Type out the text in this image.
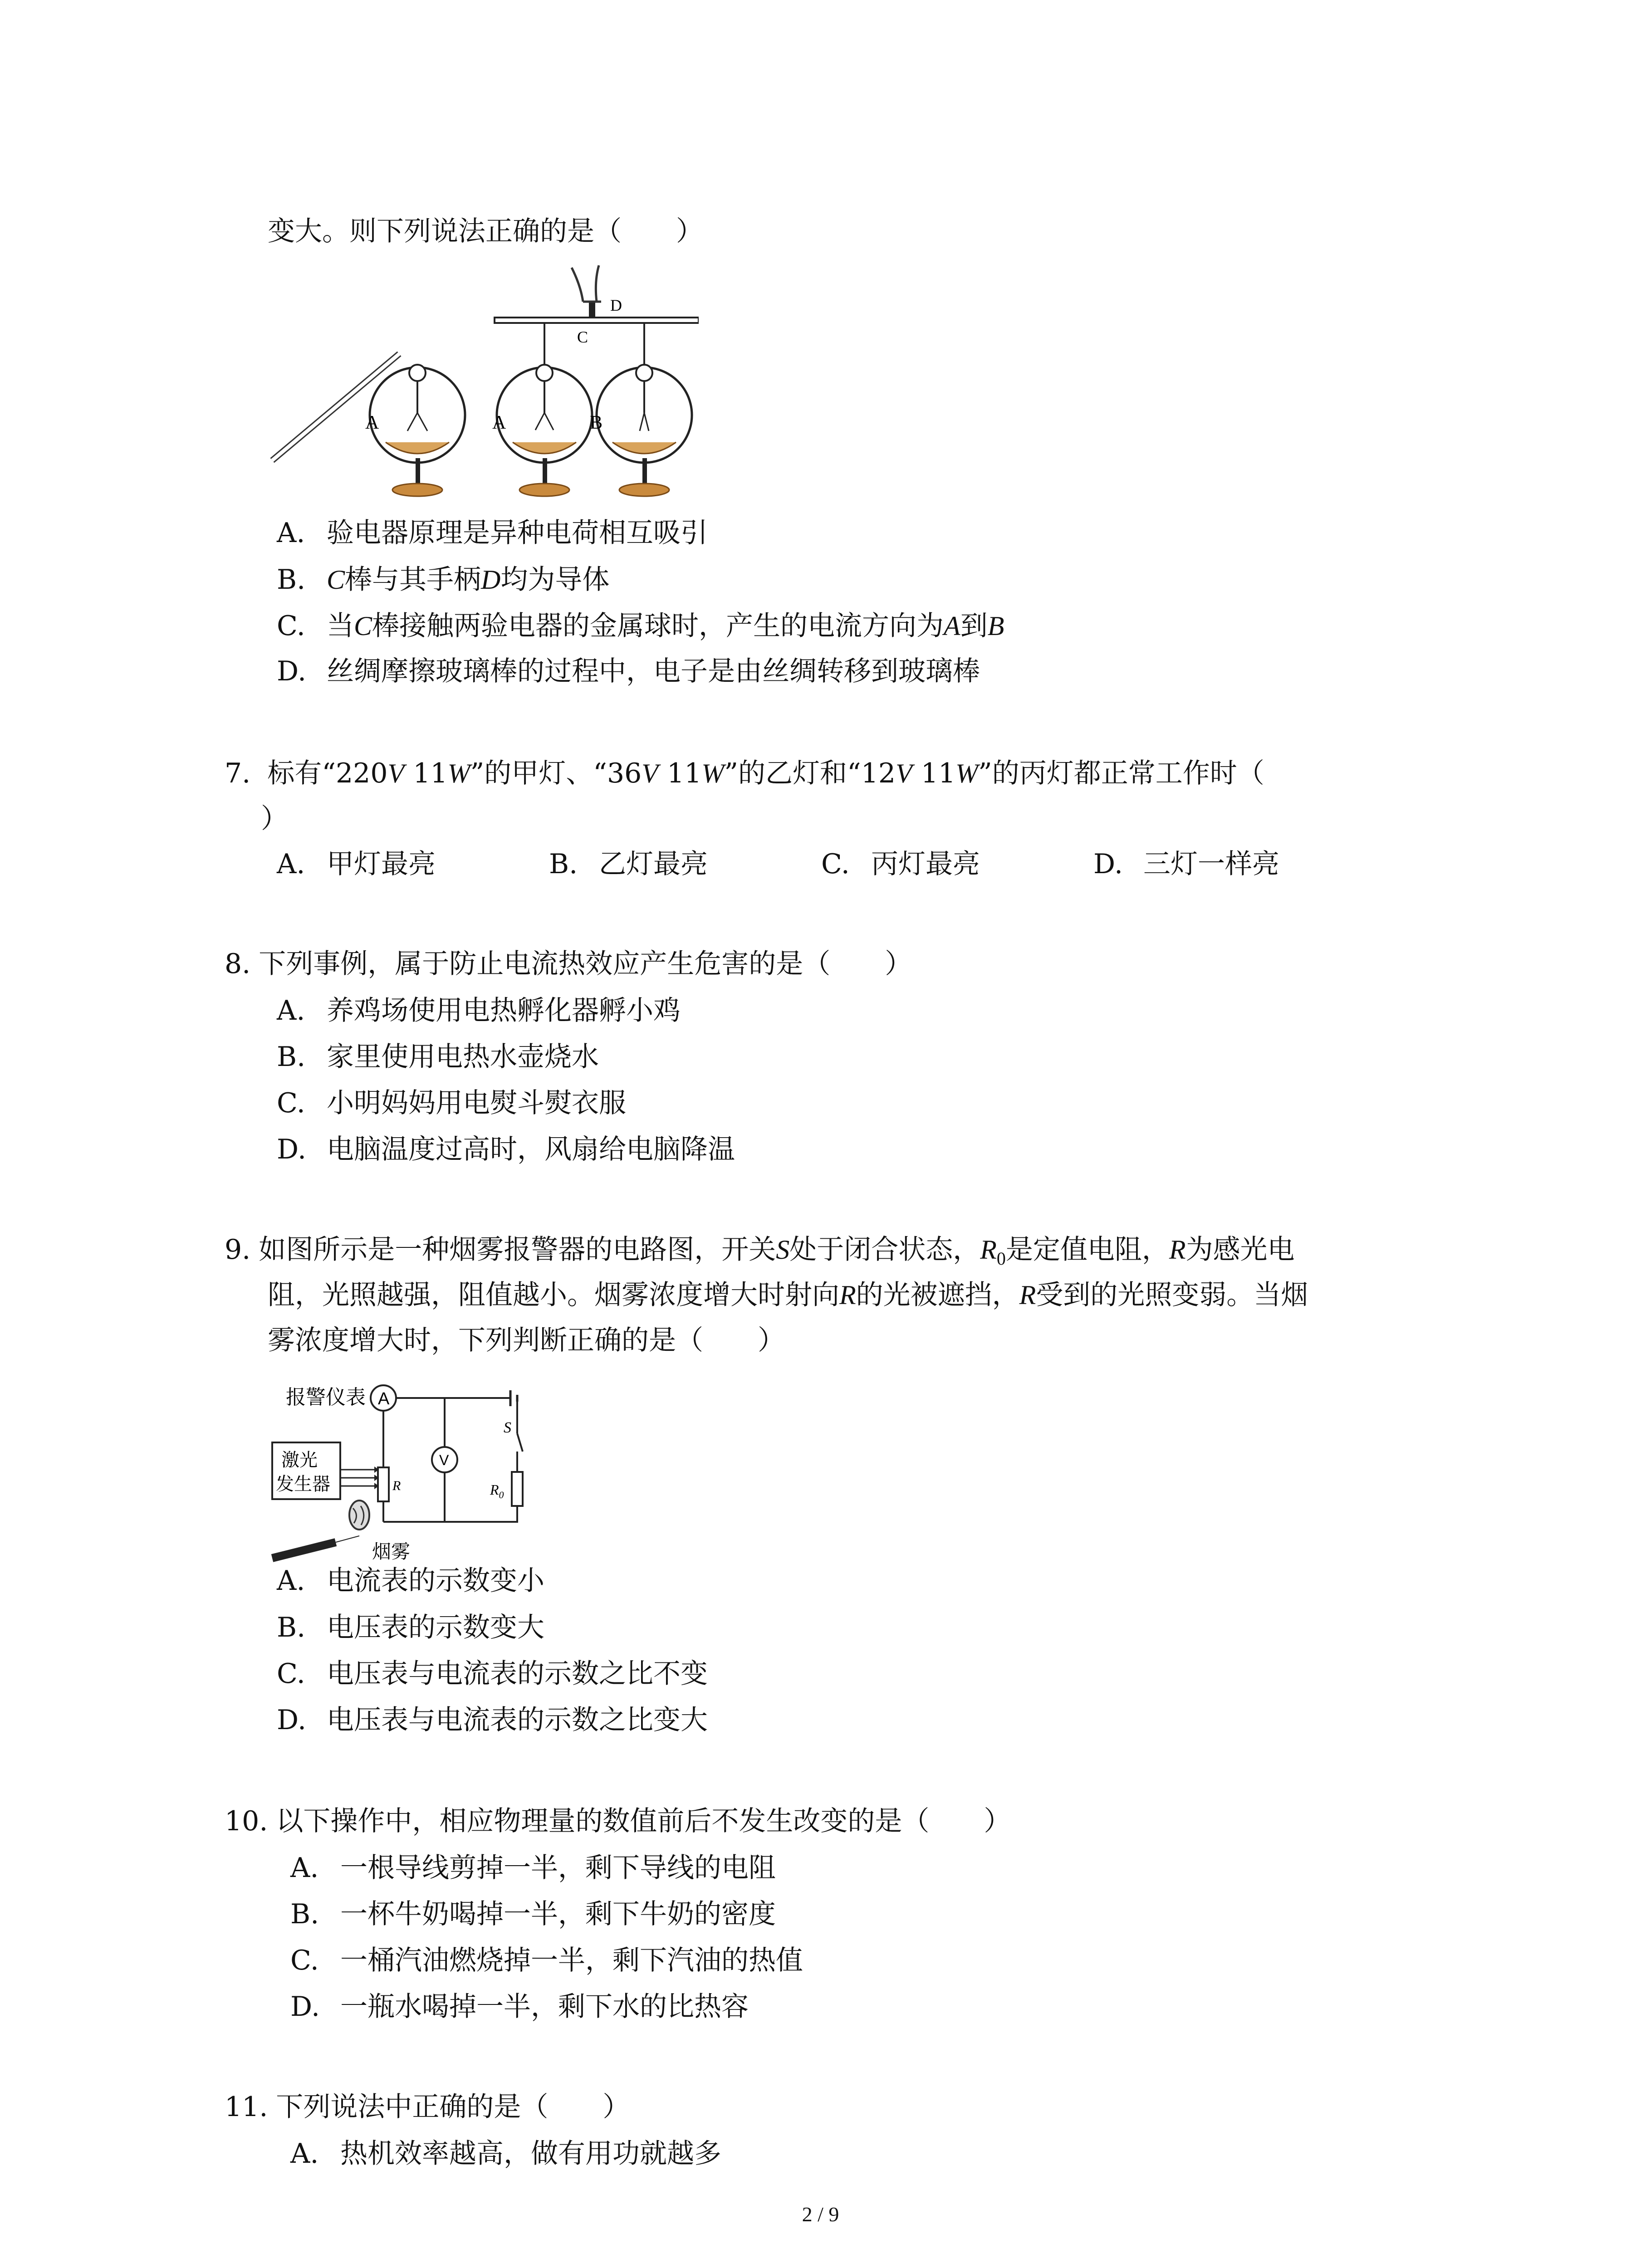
变大。则下列说法正确的是（　　）
A
D
C
A	B
A. 验电器原理是异种电荷相互吸引
B. C棒与其手柄D均为导体
C. 当C棒接触两验电器的金属球时，产生的电流方向为A到B
D. 丝绸摩擦玻璃棒的过程中，电子是由丝绸转移到玻璃棒
7. 标有“220V 11W”的甲灯、“36V 11W”的乙灯和“12V 11W”的丙灯都正常工作时（
）
A. 甲灯最亮	B. 乙灯最亮	C. 丙灯最亮	D. 三灯一样亮
8. 下列事例，属于防止电流热效应产生危害的是（　　）
A. 养鸡场使用电热孵化器孵小鸡
B. 家里使用电热水壶烧水
C. 小明妈妈用电熨斗熨衣服
D. 电脑温度过高时，风扇给电脑降温
9. 如图所示是一种烟雾报警器的电路图，开关S处于闭合状态，$R_0$是定值电阻，R为感光电
阻，光照越强，阻值越小。烟雾浓度增大时射向R的光被遮挡，R受到的光照变弱。当烟
雾浓度增大时，下列判断正确的是（　　）
报警仪表 A
S
$R_0$
R
V
激光
发生器
烟雾
A. 电流表的示数变小
B. 电压表的示数变大
C. 电压表与电流表的示数之比不变
D. 电压表与电流表的示数之比变大
10. 以下操作中，相应物理量的数值前后不发生改变的是（　　）
A. 一根导线剪掉一半，剩下导线的电阻
B. 一杯牛奶喝掉一半，剩下牛奶的密度
C. 一桶汽油燃烧掉一半，剩下汽油的热值
D. 一瓶水喝掉一半，剩下水的比热容
11. 下列说法中正确的是（　　）
A. 热机效率越高，做有用功就越多
2 / 9
